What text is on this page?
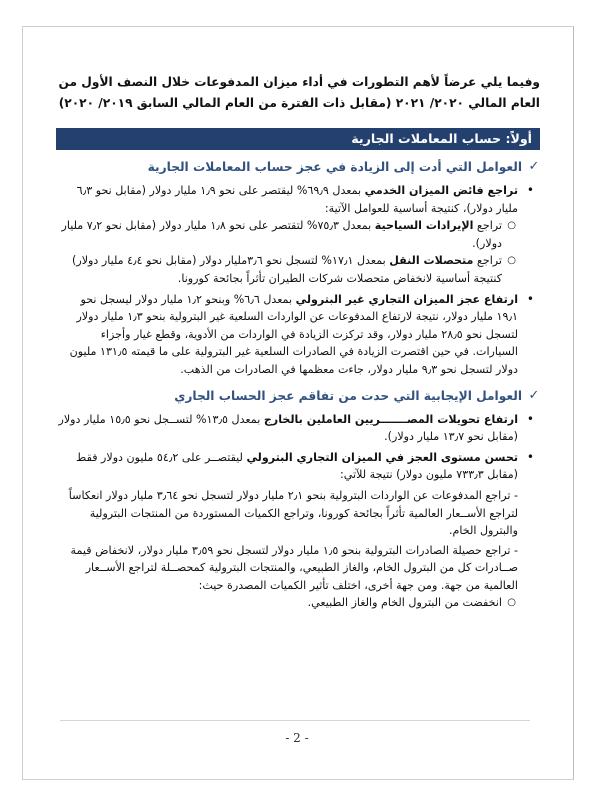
وفيما يلي عرضاً لأهم التطورات في أداء ميزان المدفوعات خلال النصف الأول من العام المالي ٢٠٢٠/ ٢٠٢١ (مقابل ذات الفترة من العام المالي السابق ٢٠١٩/ ٢٠٢٠)

أولاً: حساب المعاملات الجارية
✓
العوامل التي أدت إلى الزيادة في عجز حساب المعاملات الجارية
•
تراجع فائض الميزان الخدمي بمعدل ٦٩٫٩% ليقتصر على نحو ١٫٩ مليار دولار (مقابل نحو ٦٫٣ مليار دولار)، كنتيجة أساسية للعوامل الآتية:
○
تراجع الإيرادات السياحية بمعدل ٧٥٫٣% لتقتصر على نحو ١٫٨ مليار دولار (مقابل نحو ٧٫٢ مليار دولار).
○
تراجع متحصلات النقل بمعدل ١٧٫١% لتسجل نحو ٣٫٦مليار دولار (مقابل نحو ٤٫٤ مليار دولار) كنتيجة أساسية لانخفاض متحصلات شركات الطيران تأثراً بجائحة كورونا.
•
ارتفاع عجز الميزان التجاري غير البترولي بمعدل ٦٫٦% وبنحو ١٫٢ مليار دولار ليسجل نحو ١٩٫١ مليار دولار، نتيجة لارتفاع المدفوعات عن الواردات السلعية غير البترولية بنحو ١٫٣ مليار دولار لتسجل نحو ٢٨٫٥ مليار دولار، وقد تركزت الزيادة في الواردات من الأدوية، وقطع غيار وأجزاء السيارات. في حين اقتصرت الزيادة في الصادرات السلعية غير البترولية على ما قيمته ١٣١٫٥ مليون دولار لتسجل نحو ٩٫٣ مليار دولار، جاءت معظمها في الصادرات من الذهب.
✓
العوامل الإيجابية التي حدت من تفاقم عجز الحساب الجاري
•
ارتفاع تحويلات المصـــــــريين العاملين بالخارج بمعدل ١٣٫٥% لتســجل نحو ١٥٫٥ مليار دولار (مقابل نحو ١٣٫٧ مليار دولار).
•
تحسن مستوى العجز في الميزان التجاري البترولي ليقتصــر على ٥٤٫٢ مليون دولار فقط (مقابل ٧٣٣٫٣ مليون دولار) نتيجة للآتي:
- تراجع المدفوعات عن الواردات البترولية بنحو ٢٫١ مليار دولار لتسجل نحو ٣٫٦٤ مليار دولار انعكاساً لتراجع الأســعار العالمية تأثراً بجائحة كورونا، وتراجع الكميات المستوردة من المنتجات البترولية والبترول الخام.
- تراجع حصيلة الصادرات البترولية بنحو ١٫٥ مليار دولار لتسجل نحو ٣٫٥٩ مليار دولار، لانخفاض قيمة صــادرات كل من البترول الخام، والغاز الطبيعي، والمنتجات البترولية كمحصــلة لتراجع الأســعار العالمية من جهة. ومن جهة أخرى، اختلف تأثير الكميات المصدرة حيث:
○
انخفضت من البترول الخام والغاز الطبيعي.
- 2 -
